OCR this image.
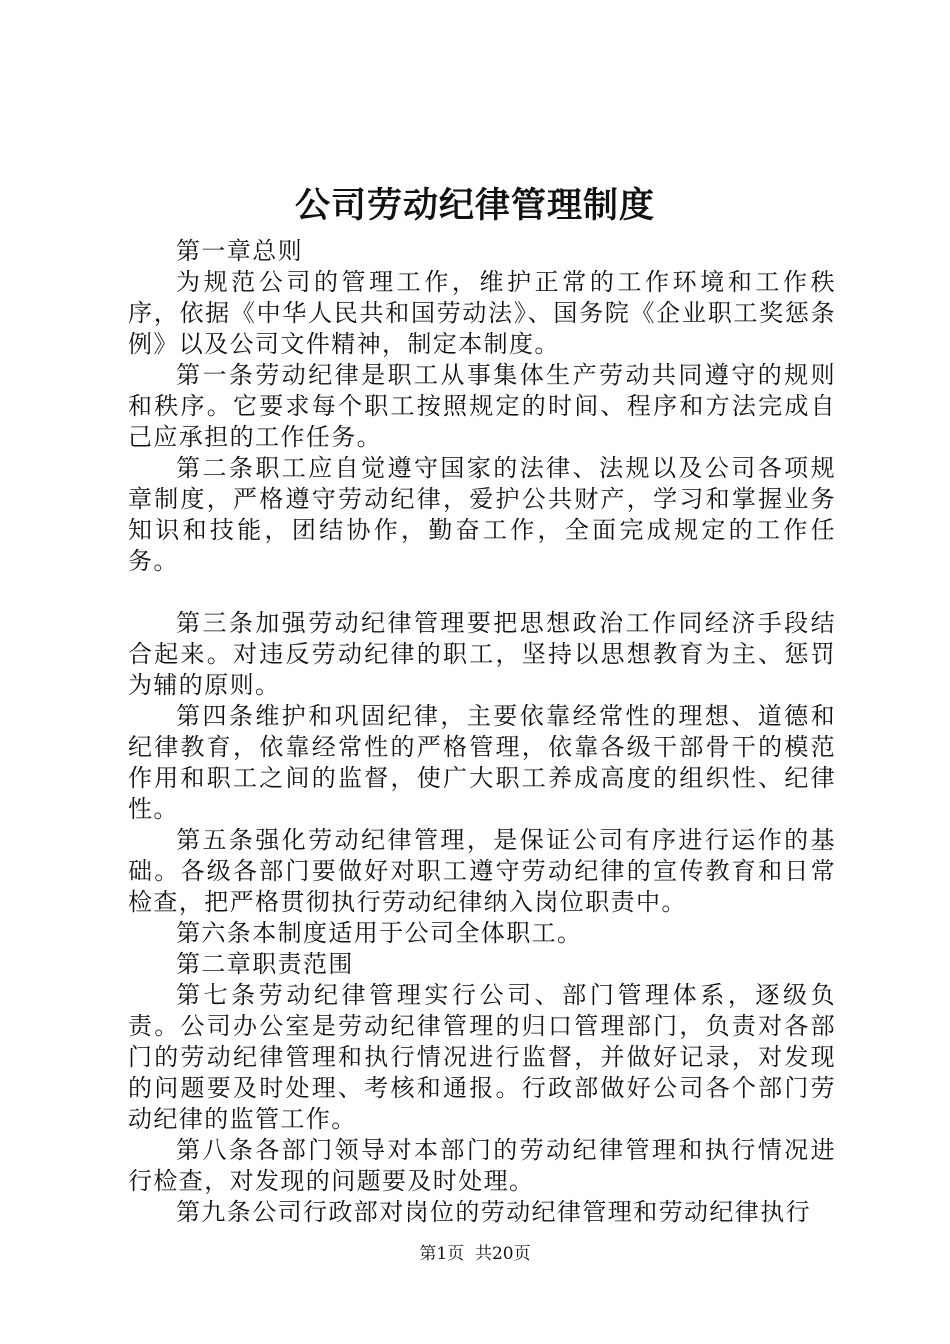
公司劳动纪律管理制度

第一章总则

为规范公司的管理工作，维护正常的工作环境和工作秩序，依据《中华人民共和国劳动法》、国务院《企业职工奖惩条例》以及公司文件精神，制定本制度。

第一条劳动纪律是职工从事集体生产劳动共同遵守的规则和秩序。它要求每个职工按照规定的时间、程序和方法完成自己应承担的工作任务。

第二条职工应自觉遵守国家的法律、法规以及公司各项规章制度，严格遵守劳动纪律，爱护公共财产，学习和掌握业务知识和技能，团结协作，勤奋工作，全面完成规定的工作任务。

第三条加强劳动纪律管理要把思想政治工作同经济手段结合起来。对违反劳动纪律的职工，坚持以思想教育为主、惩罚为辅的原则。

第四条维护和巩固纪律，主要依靠经常性的理想、道德和纪律教育，依靠经常性的严格管理，依靠各级干部骨干的模范作用和职工之间的监督，使广大职工养成高度的组织性、纪律性。

第五条强化劳动纪律管理，是保证公司有序进行运作的基础。各级各部门要做好对职工遵守劳动纪律的宣传教育和日常检查，把严格贯彻执行劳动纪律纳入岗位职责中。

第六条本制度适用于公司全体职工。

第二章职责范围

第七条劳动纪律管理实行公司、部门管理体系，逐级负责。公司办公室是劳动纪律管理的归口管理部门，负责对各部门的劳动纪律管理和执行情况进行监督，并做好记录，对发现的问题要及时处理、考核和通报。行政部做好公司各个部门劳动纪律的监管工作。

第八条各部门领导对本部门的劳动纪律管理和执行情况进行检查，对发现的问题要及时处理。

第九条公司行政部对岗位的劳动纪律管理和劳动纪律执行

第1页  共20页
